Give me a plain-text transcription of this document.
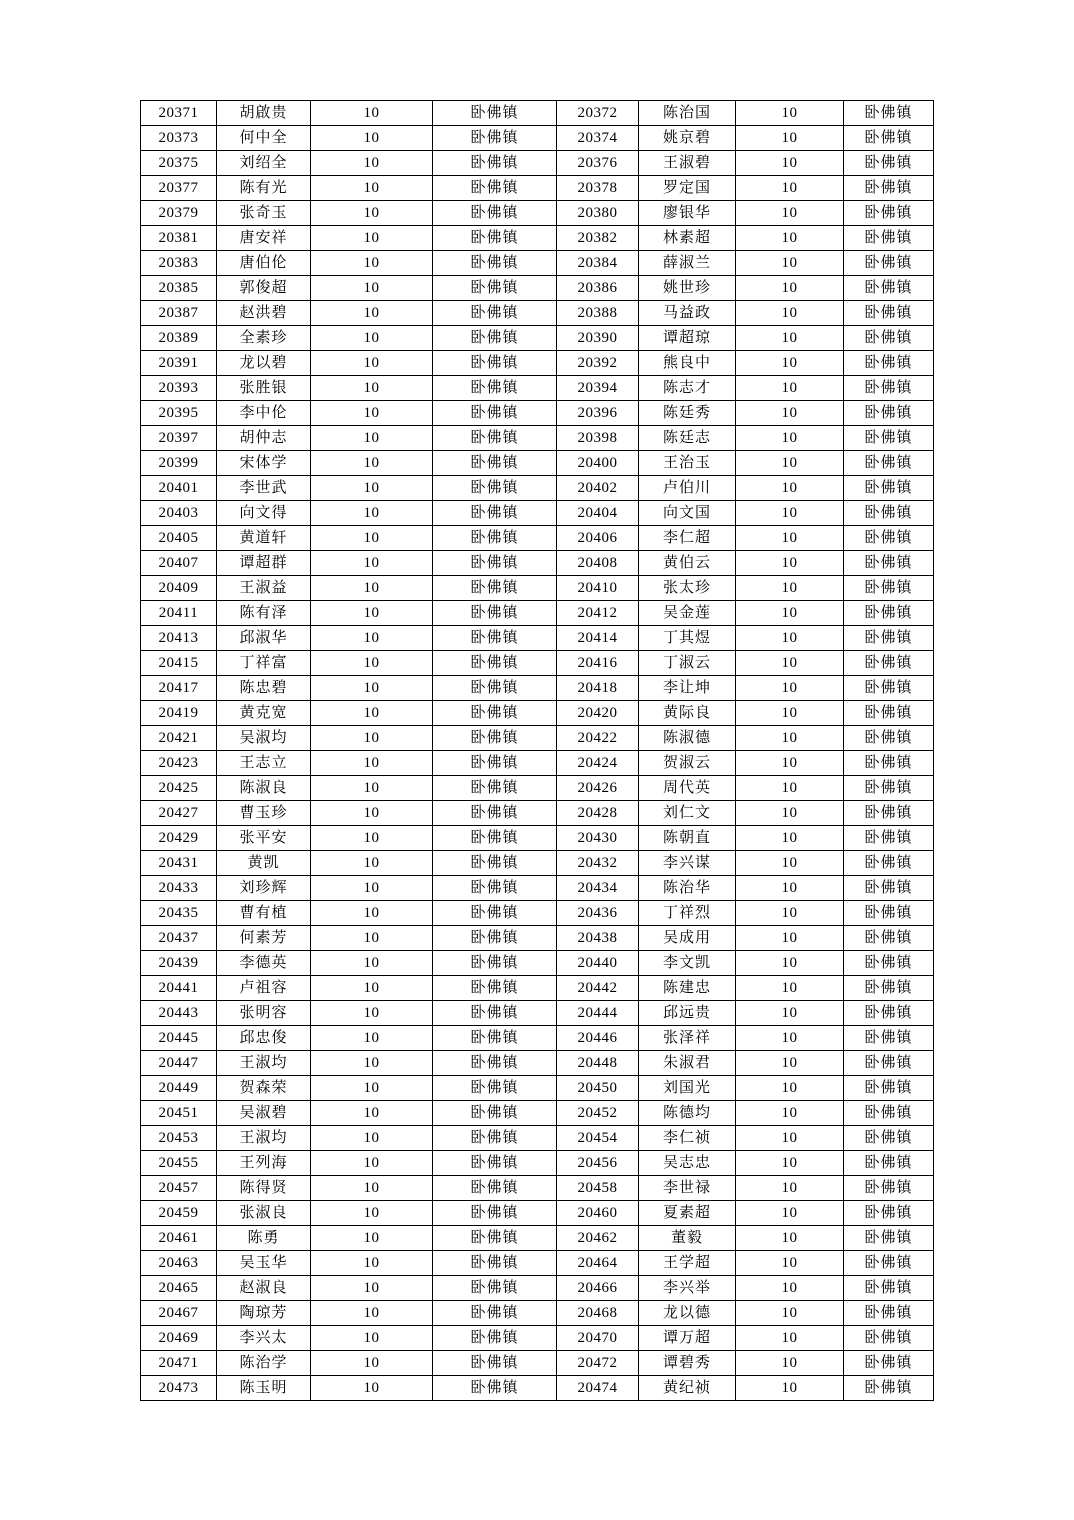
20371	胡啟贵	10	卧佛镇	20372	陈治国	10	卧佛镇
20373	何中全	10	卧佛镇	20374	姚京碧	10	卧佛镇
20375	刘绍全	10	卧佛镇	20376	王淑碧	10	卧佛镇
20377	陈有光	10	卧佛镇	20378	罗定国	10	卧佛镇
20379	张奇玉	10	卧佛镇	20380	廖银华	10	卧佛镇
20381	唐安祥	10	卧佛镇	20382	林素超	10	卧佛镇
20383	唐伯伦	10	卧佛镇	20384	薛淑兰	10	卧佛镇
20385	郭俊超	10	卧佛镇	20386	姚世珍	10	卧佛镇
20387	赵洪碧	10	卧佛镇	20388	马益政	10	卧佛镇
20389	全素珍	10	卧佛镇	20390	谭超琼	10	卧佛镇
20391	龙以碧	10	卧佛镇	20392	熊良中	10	卧佛镇
20393	张胜银	10	卧佛镇	20394	陈志才	10	卧佛镇
20395	李中伦	10	卧佛镇	20396	陈廷秀	10	卧佛镇
20397	胡仲志	10	卧佛镇	20398	陈廷志	10	卧佛镇
20399	宋体学	10	卧佛镇	20400	王治玉	10	卧佛镇
20401	李世武	10	卧佛镇	20402	卢伯川	10	卧佛镇
20403	向文得	10	卧佛镇	20404	向文国	10	卧佛镇
20405	黄道轩	10	卧佛镇	20406	李仁超	10	卧佛镇
20407	谭超群	10	卧佛镇	20408	黄伯云	10	卧佛镇
20409	王淑益	10	卧佛镇	20410	张太珍	10	卧佛镇
20411	陈有泽	10	卧佛镇	20412	吴金莲	10	卧佛镇
20413	邱淑华	10	卧佛镇	20414	丁其煜	10	卧佛镇
20415	丁祥富	10	卧佛镇	20416	丁淑云	10	卧佛镇
20417	陈忠碧	10	卧佛镇	20418	李让坤	10	卧佛镇
20419	黄克宽	10	卧佛镇	20420	黄际良	10	卧佛镇
20421	吴淑均	10	卧佛镇	20422	陈淑德	10	卧佛镇
20423	王志立	10	卧佛镇	20424	贺淑云	10	卧佛镇
20425	陈淑良	10	卧佛镇	20426	周代英	10	卧佛镇
20427	曹玉珍	10	卧佛镇	20428	刘仁文	10	卧佛镇
20429	张平安	10	卧佛镇	20430	陈朝直	10	卧佛镇
20431	黄凯	10	卧佛镇	20432	李兴谋	10	卧佛镇
20433	刘珍辉	10	卧佛镇	20434	陈治华	10	卧佛镇
20435	曹有植	10	卧佛镇	20436	丁祥烈	10	卧佛镇
20437	何素芳	10	卧佛镇	20438	吴成用	10	卧佛镇
20439	李德英	10	卧佛镇	20440	李文凯	10	卧佛镇
20441	卢祖容	10	卧佛镇	20442	陈建忠	10	卧佛镇
20443	张明容	10	卧佛镇	20444	邱远贵	10	卧佛镇
20445	邱忠俊	10	卧佛镇	20446	张泽祥	10	卧佛镇
20447	王淑均	10	卧佛镇	20448	朱淑君	10	卧佛镇
20449	贺森荣	10	卧佛镇	20450	刘国光	10	卧佛镇
20451	吴淑碧	10	卧佛镇	20452	陈德均	10	卧佛镇
20453	王淑均	10	卧佛镇	20454	李仁祯	10	卧佛镇
20455	王列海	10	卧佛镇	20456	吴志忠	10	卧佛镇
20457	陈得贤	10	卧佛镇	20458	李世禄	10	卧佛镇
20459	张淑良	10	卧佛镇	20460	夏素超	10	卧佛镇
20461	陈勇	10	卧佛镇	20462	董毅	10	卧佛镇
20463	吴玉华	10	卧佛镇	20464	王学超	10	卧佛镇
20465	赵淑良	10	卧佛镇	20466	李兴举	10	卧佛镇
20467	陶琼芳	10	卧佛镇	20468	龙以德	10	卧佛镇
20469	李兴太	10	卧佛镇	20470	谭万超	10	卧佛镇
20471	陈治学	10	卧佛镇	20472	谭碧秀	10	卧佛镇
20473	陈玉明	10	卧佛镇	20474	黄纪祯	10	卧佛镇
